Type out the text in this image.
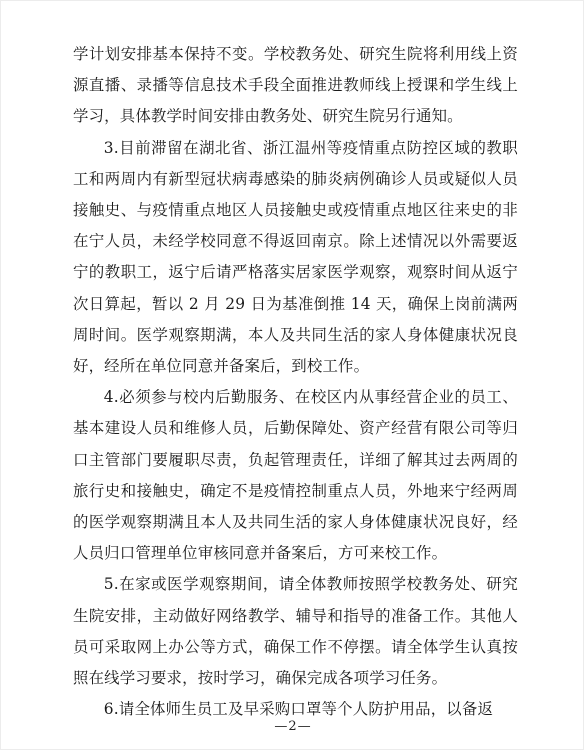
学计划安排基本保持不变。学校教务处、研究生院将利用线上资源直播、录播等信息技术手段全面推进教师线上授课和学生线上学习，具体教学时间安排由教务处、研究生院另行通知。

3.目前滞留在湖北省、浙江温州等疫情重点防控区域的教职工和两周内有新型冠状病毒感染的肺炎病例确诊人员或疑似人员接触史、与疫情重点地区人员接触史或疫情重点地区往来史的非在宁人员，未经学校同意不得返回南京。除上述情况以外需要返宁的教职工，返宁后请严格落实居家医学观察，观察时间从返宁次日算起，暂以 2 月 29 日为基准倒推 14 天，确保上岗前满两周时间。医学观察期满，本人及共同生活的家人身体健康状况良好，经所在单位同意并备案后，到校工作。

4.必须参与校内后勤服务、在校区内从事经营企业的员工、基本建设人员和维修人员，后勤保障处、资产经营有限公司等归口主管部门要履职尽责，负起管理责任，详细了解其过去两周的旅行史和接触史，确定不是疫情控制重点人员，外地来宁经两周的医学观察期满且本人及共同生活的家人身体健康状况良好，经人员归口管理单位审核同意并备案后，方可来校工作。

5.在家或医学观察期间，请全体教师按照学校教务处、研究生院安排，主动做好网络教学、辅导和指导的准备工作。其他人员可采取网上办公等方式，确保工作不停摆。请全体学生认真按照在线学习要求，按时学习，确保完成各项学习任务。

6.请全体师生员工及早采购口罩等个人防护用品，以备返

—2—
